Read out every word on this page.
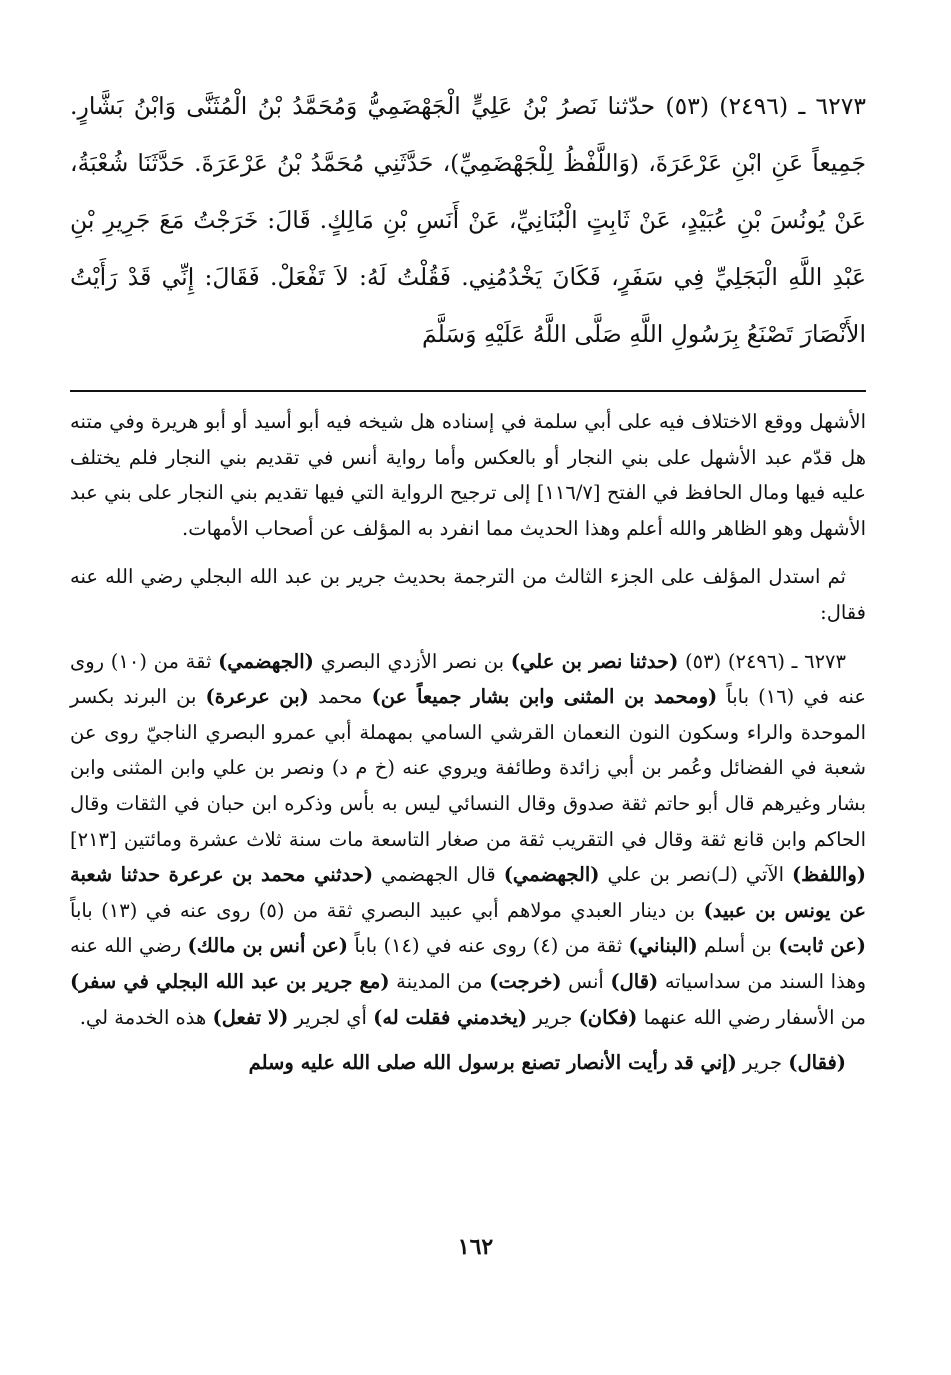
٦٢٧٣ ـ (٢٤٩٦) (٥٣) حدّثنا نَصرُ بْنُ عَلِيٍّ الْجَهْضَمِيُّ وَمُحَمَّدُ بْنُ الْمُثَنَّى وَابْنُ بَشَّارٍ. جَمِيعاً عَنِ ابْنِ عَرْعَرَةَ، (وَاللَّفْظُ لِلْجَهْضَمِيِّ)، حَدَّثَنِي مُحَمَّدُ بْنُ عَرْعَرَةَ. حَدَّثَنَا شُعْبَةُ، عَنْ يُونُسَ بْنِ عُبَيْدٍ، عَنْ ثَابِتٍ الْبُنَانِيِّ، عَنْ أَنَسِ بْنِ مَالِكٍ. قَالَ: خَرَجْتُ مَعَ جَرِيرِ بْنِ عَبْدِ اللَّهِ الْبَجَلِيِّ فِي سَفَرٍ، فَكَانَ يَخْدُمُنِي. فَقُلْتُ لَهُ: لاَ تَفْعَلْ. فَقَالَ: إِنِّي قَدْ رَأَيْتُ الأَنْصَارَ تَصْنَعُ بِرَسُولِ اللَّهِ صَلَّى اللَّهُ عَلَيْهِ وَسَلَّمَ

الأشهل ووقع الاختلاف فيه على أبي سلمة في إسناده هل شيخه فيه أبو أسيد أو أبو هريرة وفي متنه هل قدّم عبد الأشهل على بني النجار أو بالعكس وأما رواية أنس في تقديم بني النجار فلم يختلف عليه فيها ومال الحافظ في الفتح [١١٦/٧] إلى ترجيح الرواية التي فيها تقديم بني النجار على بني عبد الأشهل وهو الظاهر والله أعلم وهذا الحديث مما انفرد به المؤلف عن أصحاب الأمهات.

ثم استدل المؤلف على الجزء الثالث من الترجمة بحديث جرير بن عبد الله البجلي رضي الله عنه فقال:

٦٢٧٣ ـ (٢٤٩٦) (٥٣) (حدثنا نصر بن علي) بن نصر الأزدي البصري (الجهضمي) ثقة من (١٠) روى عنه في (١٦) باباً (ومحمد بن المثنى وابن بشار جميعاً عن) محمد (بن عرعرة) بن البرند بكسر الموحدة والراء وسكون النون النعمان القرشي السامي بمهملة أبي عمرو البصري الناجيّ روى عن شعبة في الفضائل وعُمر بن أبي زائدة وطائفة ويروي عنه (خ م د) ونصر بن علي وابن المثنى وابن بشار وغيرهم قال أبو حاتم ثقة صدوق وقال النسائي ليس به بأس وذكره ابن حبان في الثقات وقال الحاكم وابن قانع ثقة وقال في التقريب ثقة من صغار التاسعة مات سنة ثلاث عشرة ومائتين [٢١٣] (واللفظ) الآتي (لـ)نصر بن علي (الجهضمي) قال الجهضمي (حدثني محمد بن عرعرة حدثنا شعبة عن يونس بن عبيد) بن دينار العبدي مولاهم أبي عبيد البصري ثقة من (٥) روى عنه في (١٣) باباً (عن ثابت) بن أسلم (البناني) ثقة من (٤) روى عنه في (١٤) باباً (عن أنس بن مالك) رضي الله عنه وهذا السند من سداسياته (قال) أنس (خرجت) من المدينة (مع جرير بن عبد الله البجلي في سفر) من الأسفار رضي الله عنهما (فكان) جرير (يخدمني فقلت له) أي لجرير (لا تفعل) هذه الخدمة لي.

(فقال) جرير (إني قد رأيت الأنصار تصنع برسول الله صلى الله عليه وسلم

١٦٢
